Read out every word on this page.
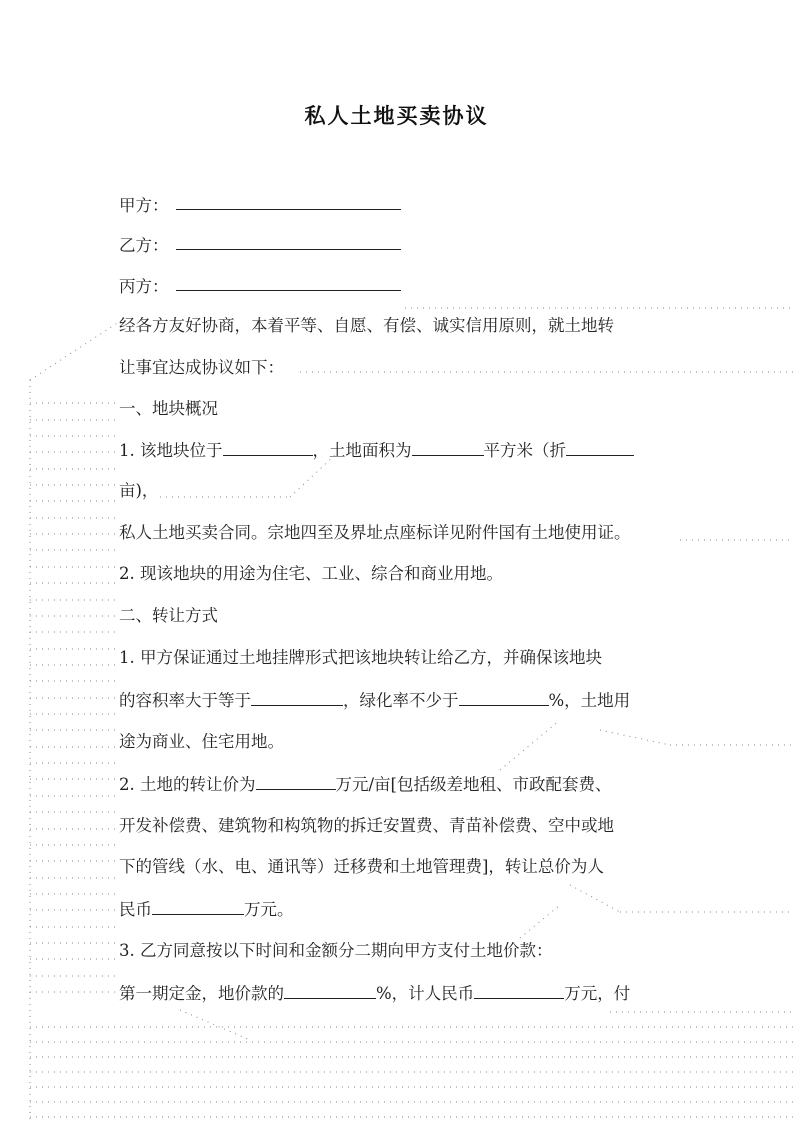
私人土地买卖协议
甲方：
乙方：
丙方：
经各方友好协商，本着平等、自愿、有偿、诚实信用原则，就土地转
让事宜达成协议如下：
一、地块概况
1. 该地块位于	，土地面积为	平方米（折
亩)，
私人土地买卖合同。宗地四至及界址点座标详见附件国有土地使用证。
2. 现该地块的用途为住宅、工业、综合和商业用地。
二、转让方式
1. 甲方保证通过土地挂牌形式把该地块转让给乙方，并确保该地块
的容积率大于等于	，绿化率不少于	%，土地用
途为商业、住宅用地。
2. 土地的转让价为	万元/亩[包括级差地租、市政配套费、
开发补偿费、建筑物和构筑物的拆迁安置费、青苗补偿费、空中或地
下的管线（水、电、通讯等）迁移费和土地管理费]，转让总价为人
民币	万元。
3. 乙方同意按以下时间和金额分二期向甲方支付土地价款：
第一期定金，地价款的	%，计人民币	万元，付
